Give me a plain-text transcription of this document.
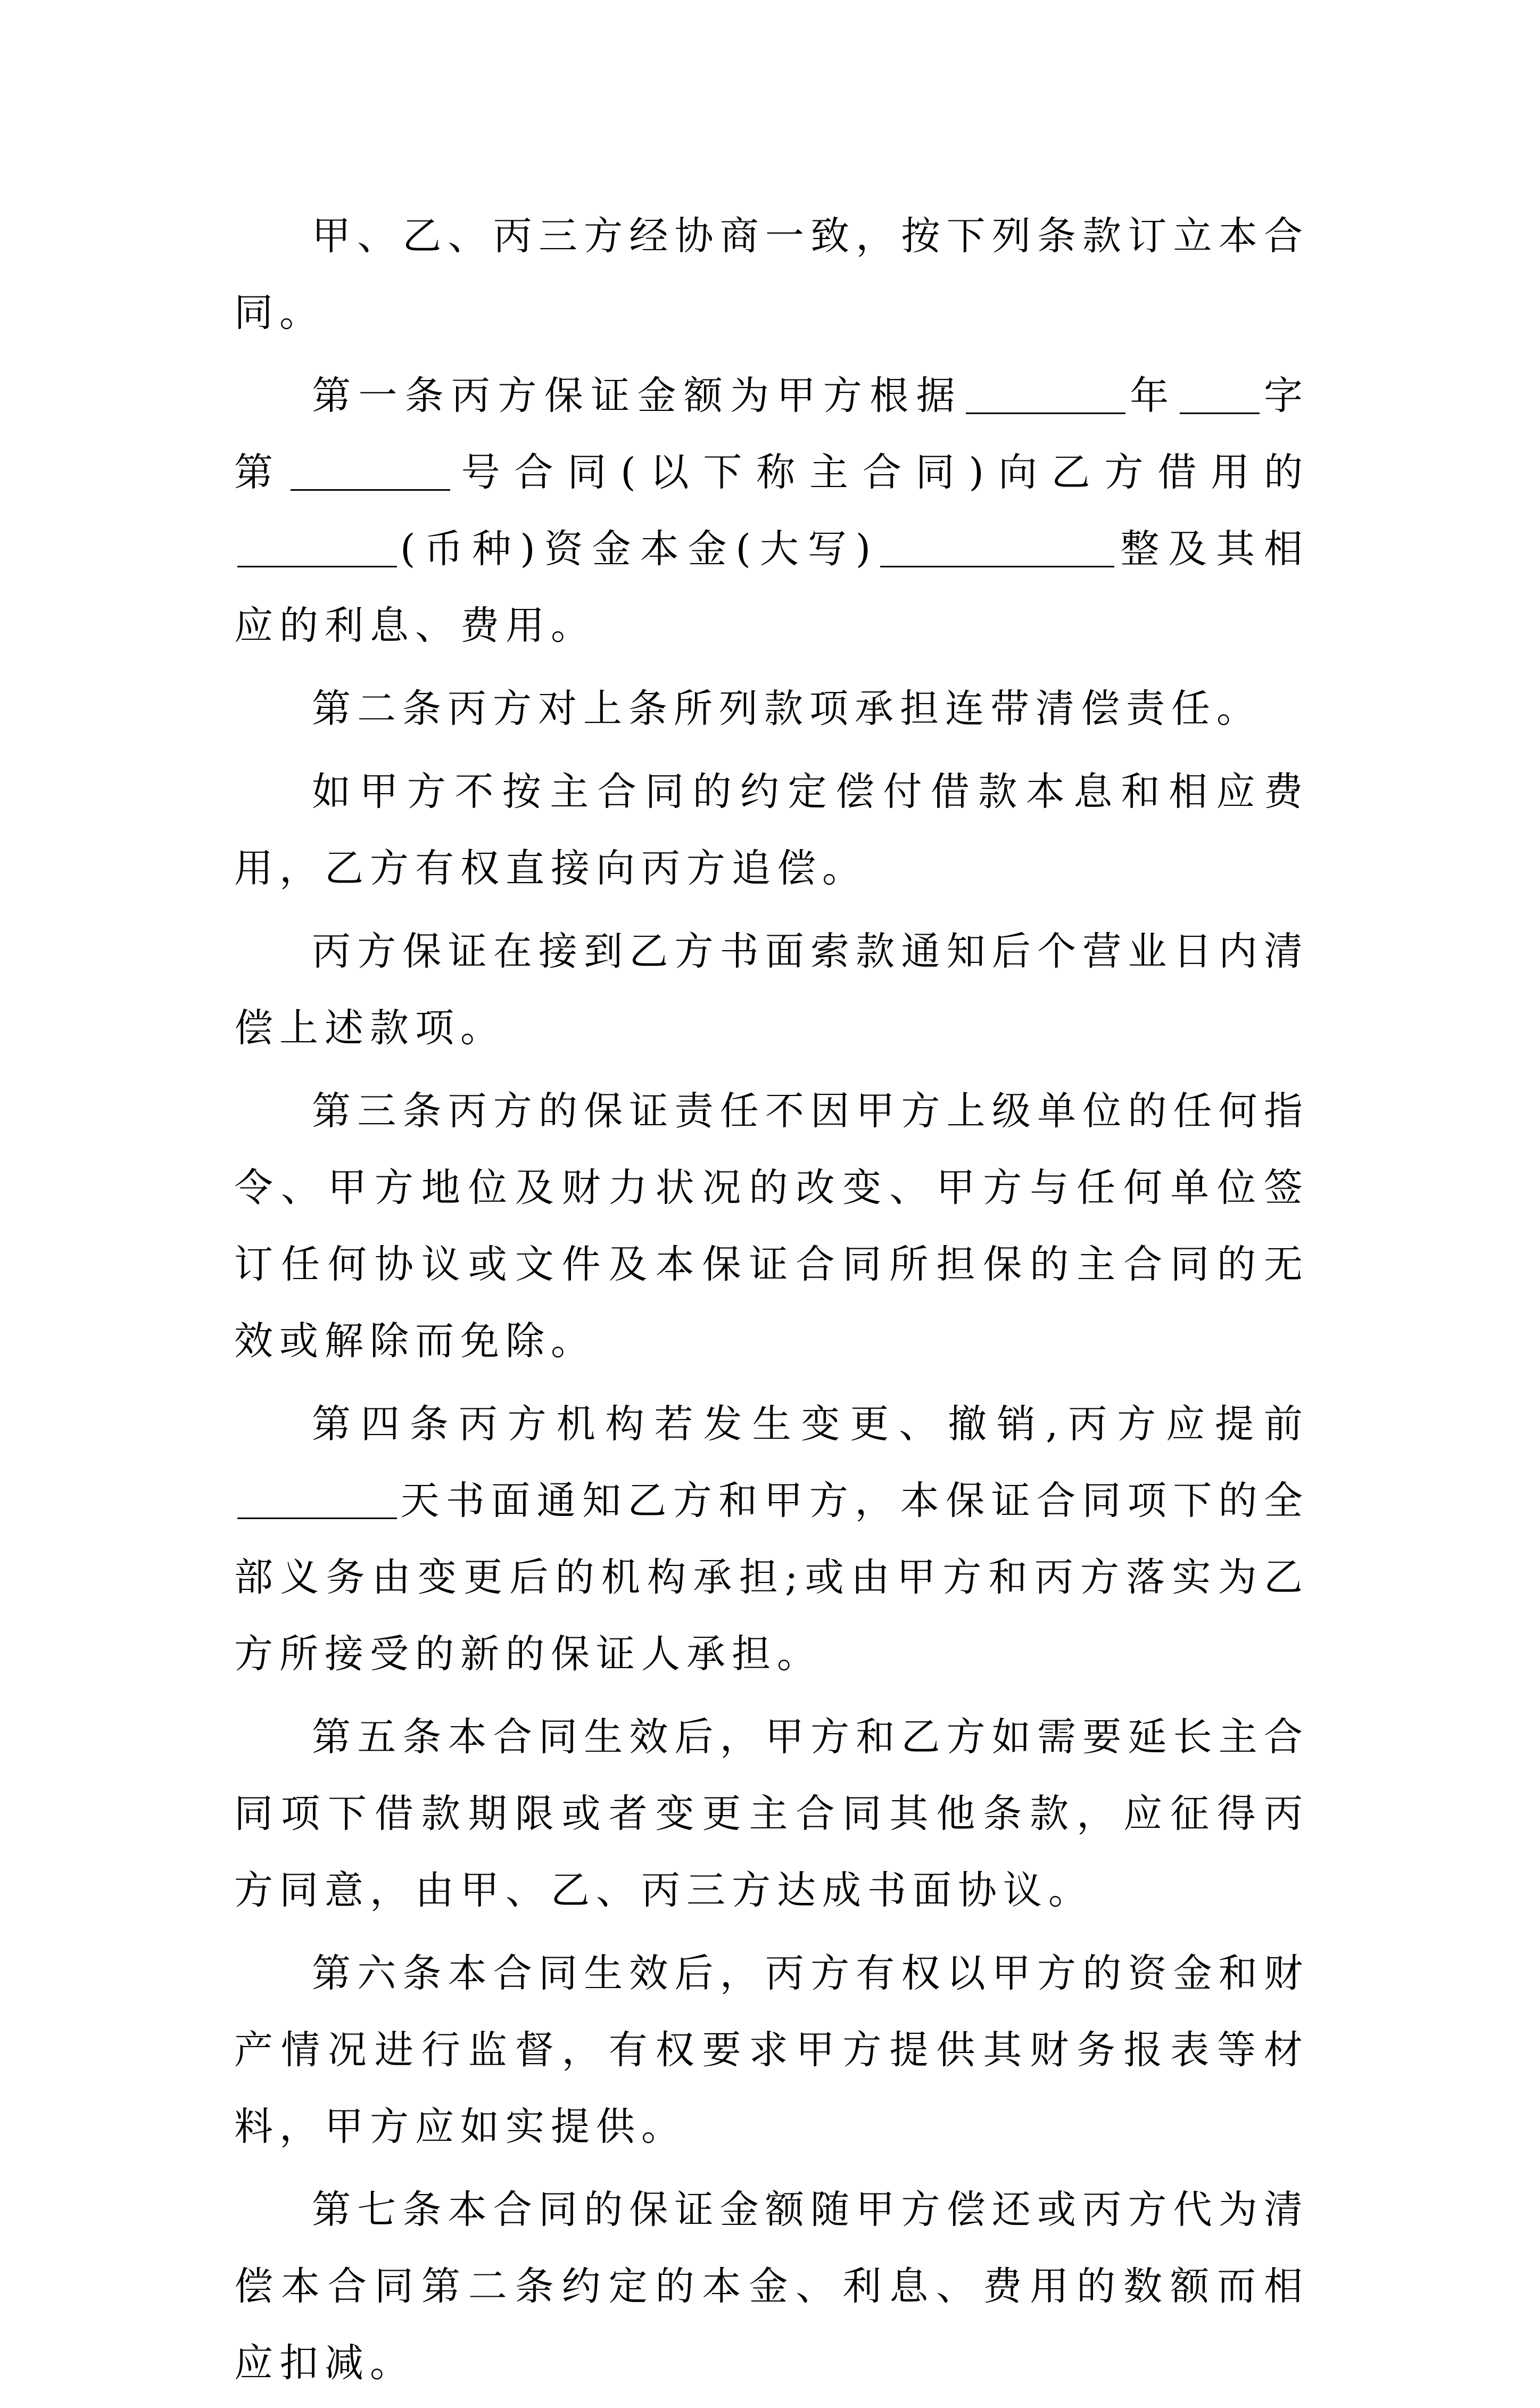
甲、乙、丙三方经协商一致，按下列条款订立本合同。

第一条丙方保证金额为甲方根据	年 字第	号合同(以下称主合同)向乙方借用的(币种)资金本金(大写)	整及其相应的利息、费用。

第二条丙方对上条所列款项承担连带清偿责任。

如甲方不按主合同的约定偿付借款本息和相应费用，乙方有权直接向丙方追偿。

丙方保证在接到乙方书面索款通知后个营业日内清偿上述款项。

第三条丙方的保证责任不因甲方上级单位的任何指令、甲方地位及财力状况的改变、甲方与任何单位签订任何协议或文件及本保证合同所担保的主合同的无效或解除而免除。

第四条丙方机构若发生变更、撤销,丙方应提前天书面通知乙方和甲方，本保证合同项下的全部义务由变更后的机构承担;或由甲方和丙方落实为乙方所接受的新的保证人承担。

第五条本合同生效后，甲方和乙方如需要延长主合同项下借款期限或者变更主合同其他条款，应征得丙方同意，由甲、乙、丙三方达成书面协议。

第六条本合同生效后，丙方有权以甲方的资金和财产情况进行监督，有权要求甲方提供其财务报表等材料，甲方应如实提供。

第七条本合同的保证金额随甲方偿还或丙方代为清偿本合同第二条约定的本金、利息、费用的数额而相应扣减。
